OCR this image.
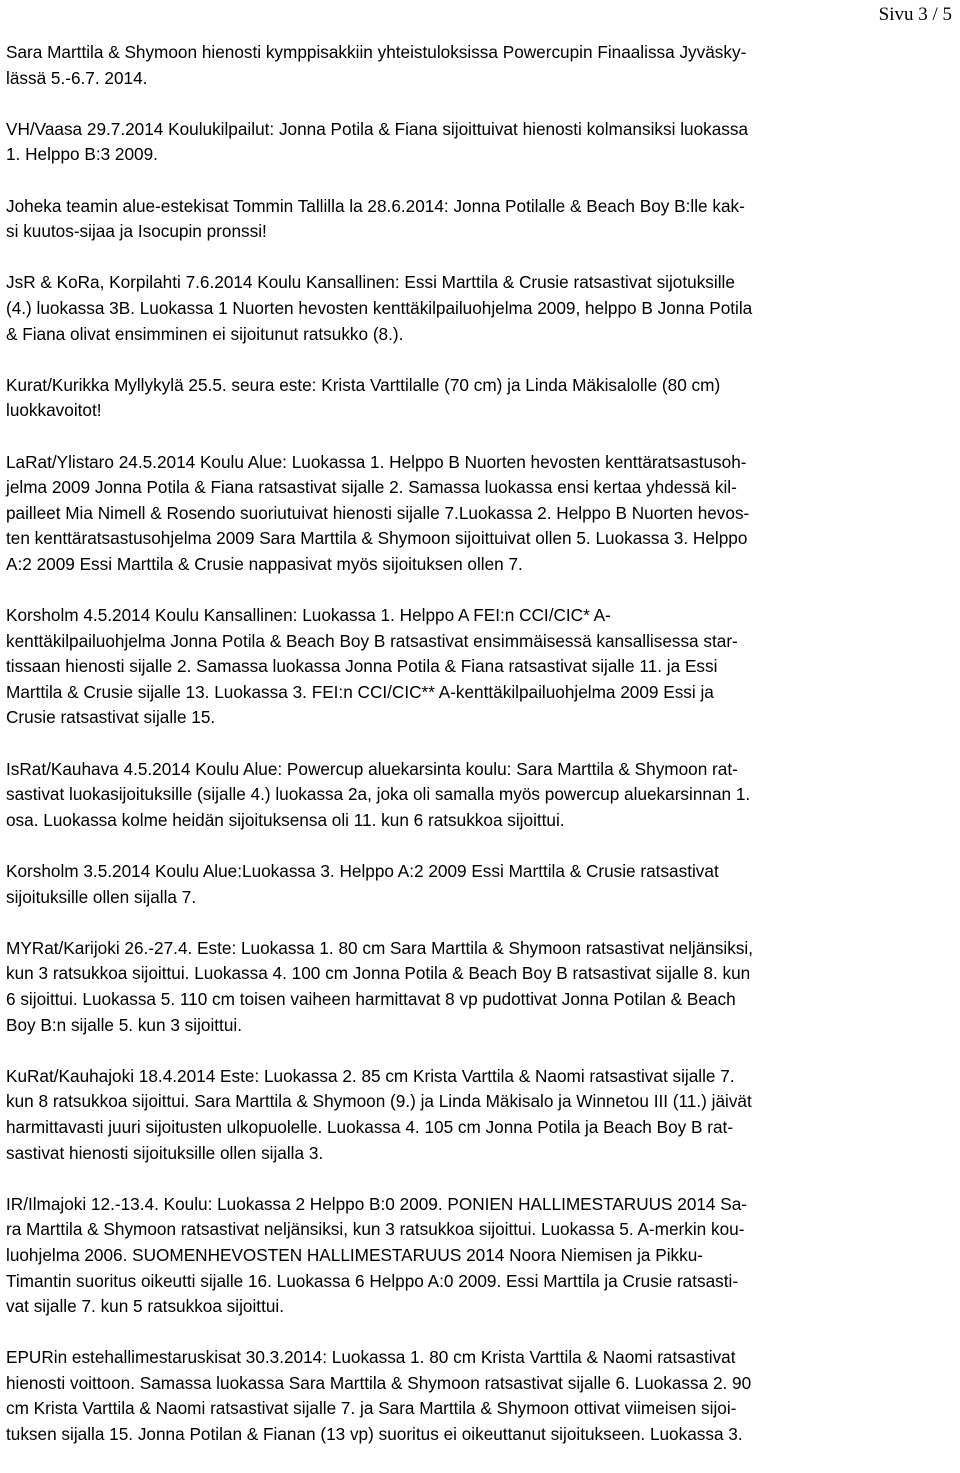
Sivu 3 / 5
Sara Marttila & Shymoon hienosti kymppisakkiin yhteistuloksissa Powercupin Finaalissa Jyväsky-
lässä 5.-6.7. 2014.
VH/Vaasa 29.7.2014 Koulukilpailut: Jonna Potila & Fiana sijoittuivat hienosti kolmansiksi luokassa
1. Helppo B:3 2009.
Joheka teamin alue-estekisat Tommin Tallilla la 28.6.2014: Jonna Potilalle & Beach Boy B:lle kak-
si kuutos-sijaa ja Isocupin pronssi!
JsR & KoRa, Korpilahti 7.6.2014 Koulu Kansallinen: Essi Marttila & Crusie ratsastivat sijotuksille
(4.) luokassa 3B. Luokassa 1 Nuorten hevosten kenttäkilpailuohjelma 2009, helppo B Jonna Potila
& Fiana olivat ensimminen ei sijoitunut ratsukko (8.).
Kurat/Kurikka Myllykylä 25.5. seura este: Krista Varttilalle (70 cm) ja Linda Mäkisalolle (80 cm)
luokkavoitot!
LaRat/Ylistaro 24.5.2014 Koulu Alue: Luokassa 1. Helppo B Nuorten hevosten kenttäratsastusoh-
jelma 2009 Jonna Potila & Fiana ratsastivat sijalle 2. Samassa luokassa ensi kertaa yhdessä kil-
pailleet Mia Nimell & Rosendo suoriutuivat hienosti sijalle 7.Luokassa 2. Helppo B Nuorten hevos-
ten kenttäratsastusohjelma 2009 Sara Marttila & Shymoon sijoittuivat ollen 5. Luokassa 3. Helppo
A:2 2009 Essi Marttila & Crusie nappasivat myös sijoituksen ollen 7.
Korsholm 4.5.2014 Koulu Kansallinen: Luokassa 1. Helppo A FEI:n CCI/CIC* A-
kenttäkilpailuohjelma Jonna Potila & Beach Boy B ratsastivat ensimmäisessä kansallisessa star-
tissaan hienosti sijalle 2. Samassa luokassa Jonna Potila & Fiana ratsastivat sijalle 11. ja Essi
Marttila & Crusie sijalle 13. Luokassa 3. FEI:n CCI/CIC** A-kenttäkilpailuohjelma 2009 Essi ja
Crusie ratsastivat sijalle 15.
IsRat/Kauhava 4.5.2014 Koulu Alue: Powercup aluekarsinta koulu: Sara Marttila & Shymoon rat-
sastivat luokasijoituksille (sijalle 4.) luokassa 2a, joka oli samalla myös powercup aluekarsinnan 1.
osa. Luokassa kolme heidän sijoituksensa oli 11. kun 6 ratsukkoa sijoittui.
Korsholm 3.5.2014 Koulu Alue:Luokassa 3. Helppo A:2 2009 Essi Marttila & Crusie ratsastivat
sijoituksille ollen sijalla 7.
MYRat/Karijoki 26.-27.4. Este: Luokassa 1. 80 cm Sara Marttila & Shymoon ratsastivat neljänsiksi,
kun 3 ratsukkoa sijoittui. Luokassa 4. 100 cm Jonna Potila & Beach Boy B ratsastivat sijalle 8. kun
6 sijoittui. Luokassa 5. 110 cm toisen vaiheen harmittavat 8 vp pudottivat Jonna Potilan & Beach
Boy B:n sijalle 5. kun 3 sijoittui.
KuRat/Kauhajoki 18.4.2014 Este: Luokassa 2. 85 cm Krista Varttila & Naomi ratsastivat sijalle 7.
kun 8 ratsukkoa sijoittui. Sara Marttila & Shymoon (9.) ja Linda Mäkisalo ja Winnetou III (11.) jäivät
harmittavasti juuri sijoitusten ulkopuolelle. Luokassa 4. 105 cm Jonna Potila ja Beach Boy B rat-
sastivat hienosti sijoituksille ollen sijalla 3.
IR/Ilmajoki 12.-13.4. Koulu: Luokassa 2 Helppo B:0 2009. PONIEN HALLIMESTARUUS 2014 Sa-
ra Marttila & Shymoon ratsastivat neljänsiksi, kun 3 ratsukkoa sijoittui. Luokassa 5. A-merkin kou-
luohjelma 2006. SUOMENHEVOSTEN HALLIMESTARUUS 2014 Noora Niemisen ja Pikku-
Timantin suoritus oikeutti sijalle 16. Luokassa 6 Helppo A:0 2009. Essi Marttila ja Crusie ratsasti-
vat sijalle 7. kun 5 ratsukkoa sijoittui.
EPURin estehallimestaruskisat 30.3.2014: Luokassa 1. 80 cm Krista Varttila & Naomi ratsastivat
hienosti voittoon. Samassa luokassa Sara Marttila & Shymoon ratsastivat sijalle 6. Luokassa 2. 90
cm Krista Varttila & Naomi ratsastivat sijalle 7. ja Sara Marttila & Shymoon ottivat viimeisen sijoi-
tuksen sijalla 15. Jonna Potilan & Fianan (13 vp) suoritus ei oikeuttanut sijoitukseen. Luokassa 3.
